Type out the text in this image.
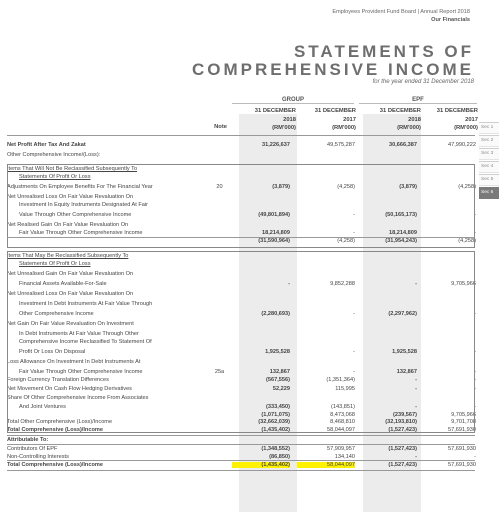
Employees Provident Fund Board | Annual Report 2018
Our Financials
STATEMENTS OF
COMPREHENSIVE INCOME
for the year ended 31 December 2018
Sec 1
Sec 2
Sec 3
Sec 4
Sec 5
Sec 6
GROUP	EPF
31 DECEMBER
2018
(RM'000)
31 DECEMBER
2017
(RM'000)
31 DECEMBER
2018
(RM'000)
31 DECEMBER
2017
(RM'000)
Note
Net Profit After Tax And Zakat	31,226,637	49,575,287	30,666,387	47,990,222
Other Comprehensive Income/(Loss):
Items That Will Not Be Reclassified Subsequently To
Statements Of Profit Or Loss
Adjustments On Employee Benefits For The Financial Year	20	(3,879)	(4,258)	(3,879)	(4,258)
Net Unrealised Loss On Fair Value Revaluation On
Investment In Equity Instruments Designated At Fair
Value Through Other Comprehensive Income	(49,801,894)	-	(50,165,173)	-
Net Realised Gain On Fair Value Revaluation On
Fair Value Through Other Comprehensive Income	18,214,809	-	18,214,809	-
(31,590,964)	(4,258)	(31,954,243)	(4,258)
Items That May Be Reclassified Subsequently To
Statements Of Profit Or Loss
Net Unrealised Gain On Fair Value Revaluation On
Financial Assets Available-For-Sale	-	9,852,288	-	9,705,966
Net Unrealised Loss On Fair Value Revaluation On
Investment In Debt Instruments At Fair Value Through
Other Comprehensive Income	(2,280,693)	-	(2,297,962)	-
Net Gain On Fair Value Revaluation On Investment
In Debt Instruments At Fair Value Through Other
Comprehensive Income Reclassified To Statement Of
Profit Or Loss On Disposal	1,925,528	-	1,925,528	-
Loss Allowance On Investment In Debt Instruments At
Fair Value Through Other Comprehensive Income	25a	132,867	-	132,867	-
Foreign Currency Translation Differences	(567,556)	(1,351,364)	-	-
Net Movement On Cash Flow Hedging Derivatives	52,229	115,995	-	-
Share Of Other Comprehensive Income From Associates
And Joint Ventures	(333,450)	(143,851)	-	-
(1,071,075)	8,473,068	(239,567)	9,705,966
Total Other Comprehensive (Loss)/Income	(32,662,039)	8,468,810	(32,193,810)	9,701,708
Total Comprehensive (Loss)/Income	(1,435,402)	58,044,097	(1,527,423)	57,691,930
Attributable To:
Contributors Of EPF	(1,348,552)	57,909,957	(1,527,423)	57,691,930
Non-Controlling Interests	(86,850)	134,140	-	-
Total Comprehensive (Loss)/Income	(1,435,402)	58,044,097	(1,527,423)	57,691,930
